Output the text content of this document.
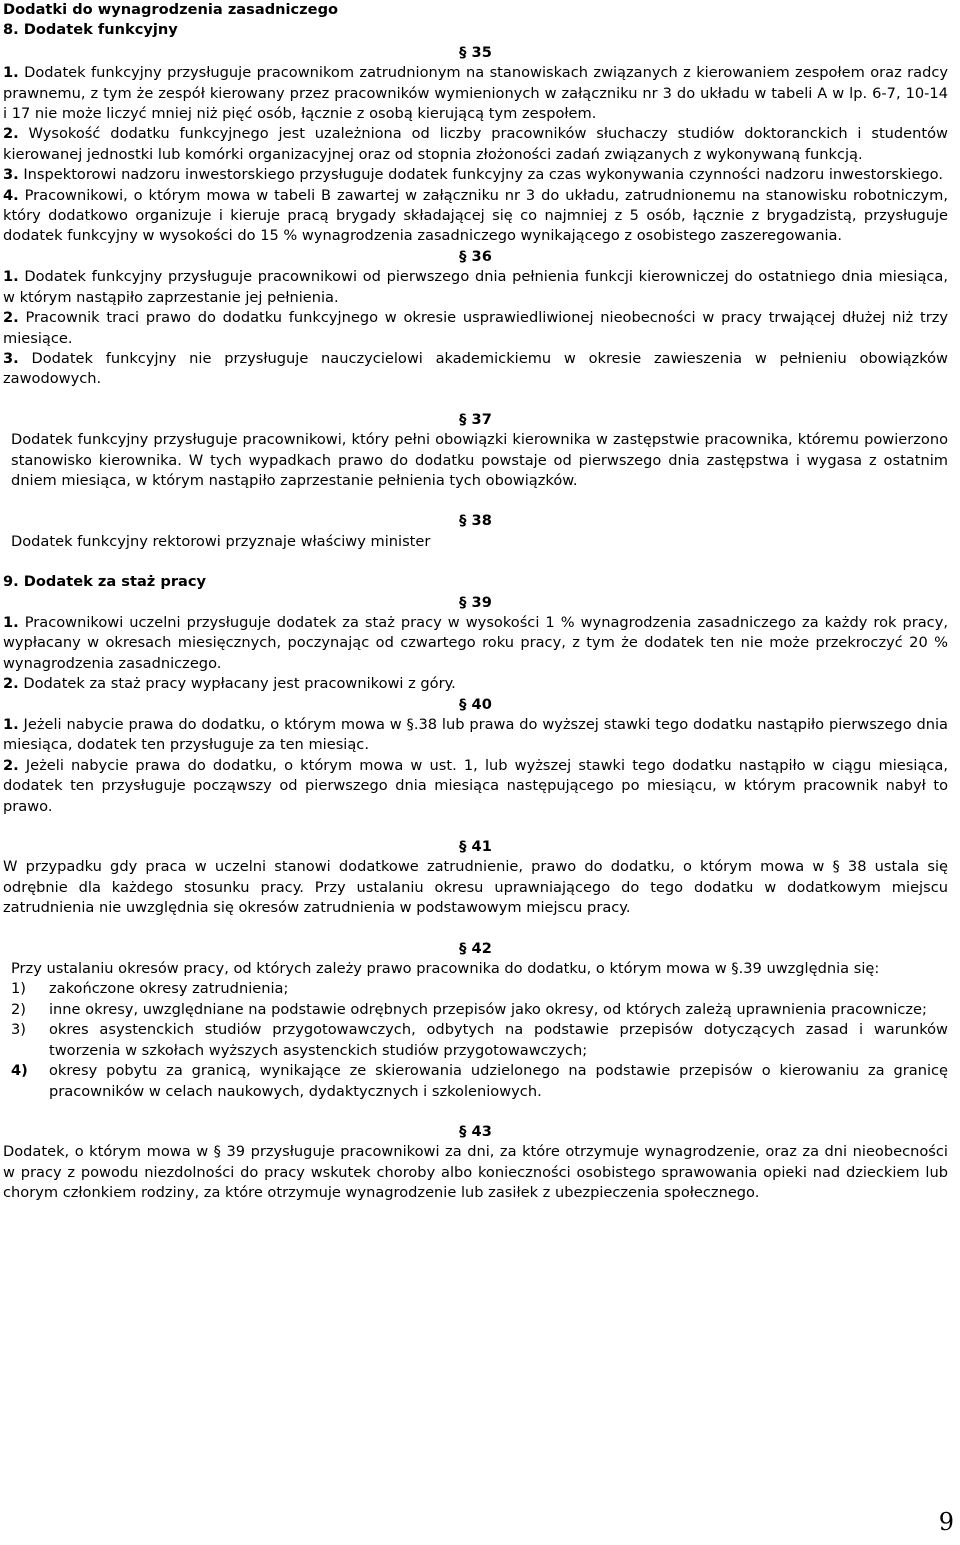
Dodatki do wynagrodzenia zasadniczego
8. Dodatek funkcyjny
§ 35

1. Dodatek funkcyjny przysługuje pracownikom zatrudnionym na stanowiskach związanych z kierowaniem zespołem oraz radcy prawnemu, z tym że zespół kierowany przez pracowników wymienionych w załączniku nr 3 do układu w tabeli A w lp. 6-7, 10-14 i 17 nie może liczyć mniej niż pięć osób, łącznie z osobą kierującą tym zespołem.

2. Wysokość dodatku funkcyjnego jest uzależniona od liczby pracowników słuchaczy studiów doktoranckich i studentów kierowanej jednostki lub komórki organizacyjnej oraz od stopnia złożoności zadań związanych z wykonywaną funkcją.

3. Inspektorowi nadzoru inwestorskiego przysługuje dodatek funkcyjny za czas wykonywania czynności nadzoru inwestorskiego.

4. Pracownikowi, o którym mowa w tabeli B zawartej w załączniku nr 3 do układu, zatrudnionemu na stanowisku robotniczym, który dodatkowo organizuje i kieruje pracą brygady składającej się co najmniej z 5 osób, łącznie z brygadzistą, przysługuje dodatek funkcyjny w wysokości do 15 % wynagrodzenia zasadniczego wynikającego z osobistego zaszeregowania.

§ 36

1. Dodatek funkcyjny przysługuje pracownikowi od pierwszego dnia pełnienia funkcji kierowniczej do ostatniego dnia miesiąca, w którym nastąpiło zaprzestanie jej pełnienia.

2. Pracownik traci prawo do dodatku funkcyjnego w okresie usprawiedliwionej nieobecności w pracy trwającej dłużej niż trzy miesiące.

3. Dodatek funkcyjny nie przysługuje nauczycielowi akademickiemu w okresie zawieszenia w pełnieniu obowiązków zawodowych.

§ 37

Dodatek funkcyjny przysługuje pracownikowi, który pełni obowiązki kierownika w zastępstwie pracownika, któremu powierzono stanowisko kierownika. W tych wypadkach prawo do dodatku powstaje od pierwszego dnia zastępstwa i wygasa z ostatnim dniem miesiąca, w którym nastąpiło zaprzestanie pełnienia tych obowiązków.

§ 38

Dodatek funkcyjny rektorowi przyznaje właściwy minister

9. Dodatek za staż pracy
§ 39

1. Pracownikowi uczelni przysługuje dodatek za staż pracy w wysokości 1 % wynagrodzenia zasadniczego za każdy rok pracy, wypłacany w okresach miesięcznych, poczynając od czwartego roku pracy, z tym że dodatek ten nie może przekroczyć 20 % wynagrodzenia zasadniczego.

2. Dodatek za staż pracy wypłacany jest pracownikowi z góry.

§ 40

1. Jeżeli nabycie prawa do dodatku, o którym mowa w §.38 lub prawa do wyższej stawki tego dodatku nastąpiło pierwszego dnia miesiąca, dodatek ten przysługuje za ten miesiąc.

2. Jeżeli nabycie prawa do dodatku, o którym mowa w ust. 1, lub wyższej stawki tego dodatku nastąpiło w ciągu miesiąca, dodatek ten przysługuje począwszy od pierwszego dnia miesiąca następującego po miesiącu, w którym pracownik nabył to prawo.

§ 41

W przypadku gdy praca w uczelni stanowi dodatkowe zatrudnienie, prawo do dodatku, o którym mowa w § 38 ustala się odrębnie dla każdego stosunku pracy. Przy ustalaniu okresu uprawniającego do tego dodatku w dodatkowym miejscu zatrudnienia nie uwzględnia się okresów zatrudnienia w podstawowym miejscu pracy.

§ 42

Przy ustalaniu okresów pracy, od których zależy prawo pracownika do dodatku, o którym mowa w §.39 uwzględnia się:

1)	zakończone okresy zatrudnienia;
2)	inne okresy, uwzględniane na podstawie odrębnych przepisów jako okresy, od których zależą uprawnienia pracownicze;
3)	okres asystenckich studiów przygotowawczych, odbytych na podstawie przepisów dotyczących zasad i warunków tworzenia w szkołach wyższych asystenckich studiów przygotowawczych;
4)	okresy pobytu za granicą, wynikające ze skierowania udzielonego na podstawie przepisów o kierowaniu za granicę pracowników w celach naukowych, dydaktycznych i szkoleniowych.
§ 43

Dodatek, o którym mowa w § 39 przysługuje pracownikowi za dni, za które otrzymuje wynagrodzenie, oraz za dni nieobecności w pracy z powodu niezdolności do pracy wskutek choroby albo konieczności osobistego sprawowania opieki nad dzieckiem lub chorym członkiem rodziny, za które otrzymuje wynagrodzenie lub zasiłek z ubezpieczenia społecznego.

9
